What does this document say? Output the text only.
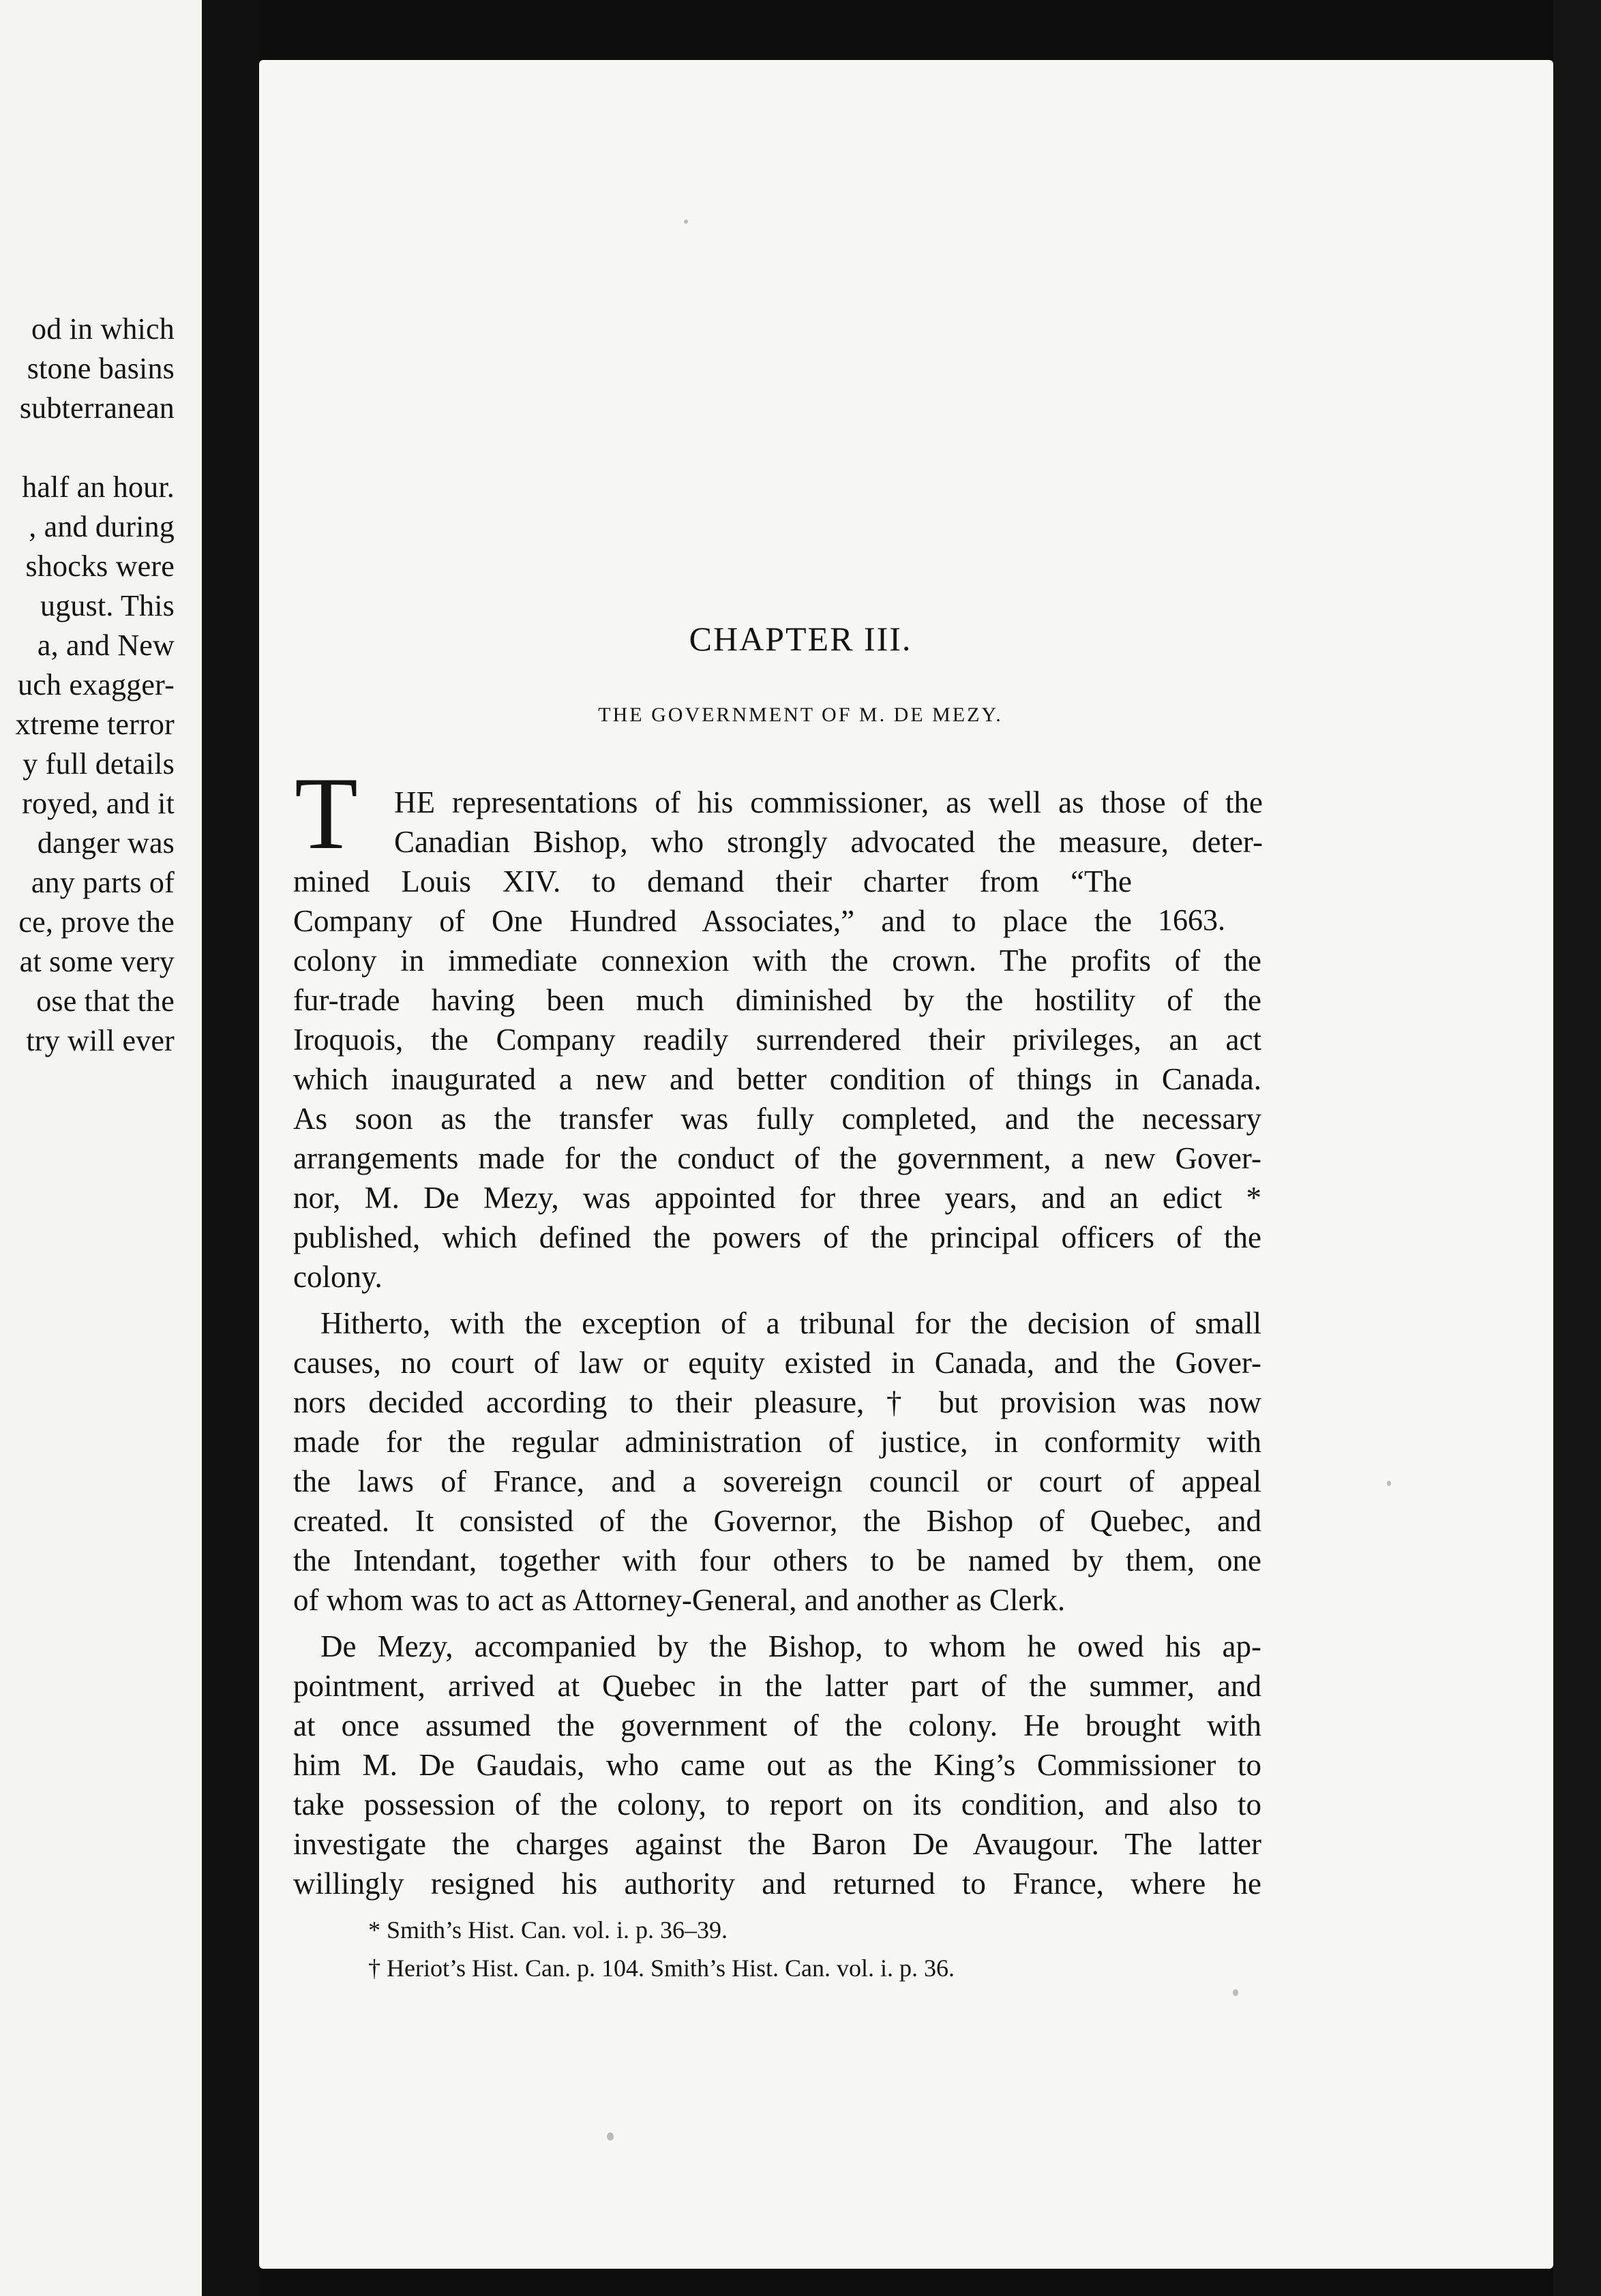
od in which
stone basins
subterranean
half an hour.
, and during
shocks were
ugust. This
a, and New
uch exagger-
xtreme terror
y full details
royed, and it
danger was
any parts of
ce, prove the
at some very
ose that the
try will ever
CHAPTER III.
THE GOVERNMENT OF M. DE MEZY.
T
1663.
HE representations of his commissioner, as well as those of the
Canadian Bishop, who strongly advocated the measure, deter-
mined Louis XIV. to demand their charter from “The
Company of One Hundred Associates,” and to place the
colony in immediate connexion with the crown. The profits of the
fur-trade having been much diminished by the hostility of the
Iroquois, the Company readily surrendered their privileges, an act
which inaugurated a new and better condition of things in Canada.
As soon as the transfer was fully completed, and the necessary
arrangements made for the conduct of the government, a new Gover-
nor, M. De Mezy, was appointed for three years, and an edict *
published, which defined the powers of the principal officers of the
colony.
Hitherto, with the exception of a tribunal for the decision of small
causes, no court of law or equity existed in Canada, and the Gover-
nors decided according to their pleasure, † but provision was now
made for the regular administration of justice, in conformity with
the laws of France, and a sovereign council or court of appeal
created. It consisted of the Governor, the Bishop of Quebec, and
the Intendant, together with four others to be named by them, one
of whom was to act as Attorney-General, and another as Clerk.
De Mezy, accompanied by the Bishop, to whom he owed his ap-
pointment, arrived at Quebec in the latter part of the summer, and
at once assumed the government of the colony. He brought with
him M. De Gaudais, who came out as the King’s Commissioner to
take possession of the colony, to report on its condition, and also to
investigate the charges against the Baron De Avaugour. The latter
willingly resigned his authority and returned to France, where he
* Smith’s Hist. Can. vol. i. p. 36–39.
† Heriot’s Hist. Can. p. 104. Smith’s Hist. Can. vol. i. p. 36.
